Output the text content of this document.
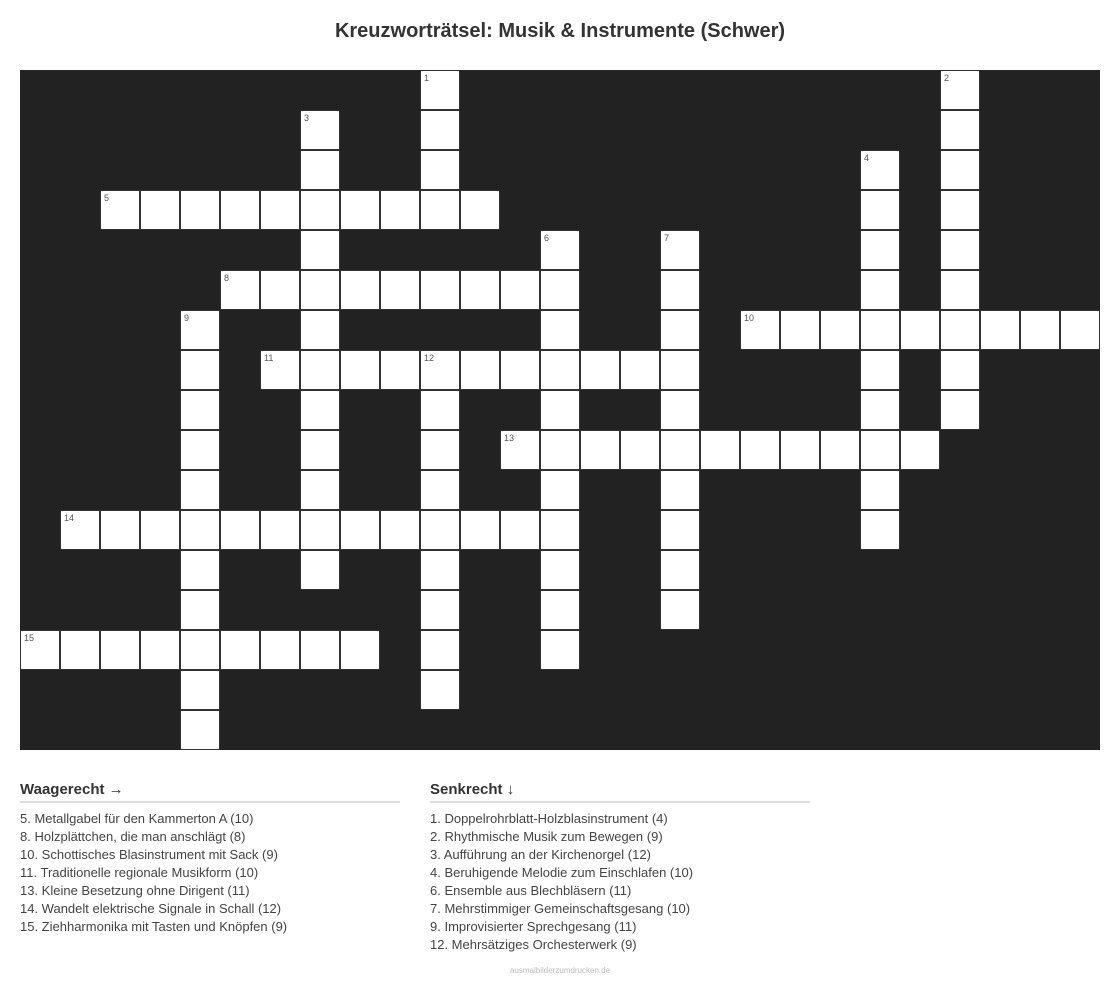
Kreuzworträtsel: Musik & Instrumente (Schwer)
5
8
10
11	12
13
14
15
1	2
3
4
6	7
9
Waagerecht →
5. Metallgabel für den Kammerton A (10)
8. Holzplättchen, die man anschlägt (8)
10. Schottisches Blasinstrument mit Sack (9)
11. Traditionelle regionale Musikform (10)
13. Kleine Besetzung ohne Dirigent (11)
14. Wandelt elektrische Signale in Schall (12)
15. Ziehharmonika mit Tasten und Knöpfen (9)
Senkrecht ↓
1. Doppelrohrblatt-Holzblasinstrument (4)
2. Rhythmische Musik zum Bewegen (9)
3. Aufführung an der Kirchenorgel (12)
4. Beruhigende Melodie zum Einschlafen (10)
6. Ensemble aus Blechbläsern (11)
7. Mehrstimmiger Gemeinschaftsgesang (10)
9. Improvisierter Sprechgesang (11)
12. Mehrsätziges Orchesterwerk (9)
ausmalbilderzumdrucken.de
